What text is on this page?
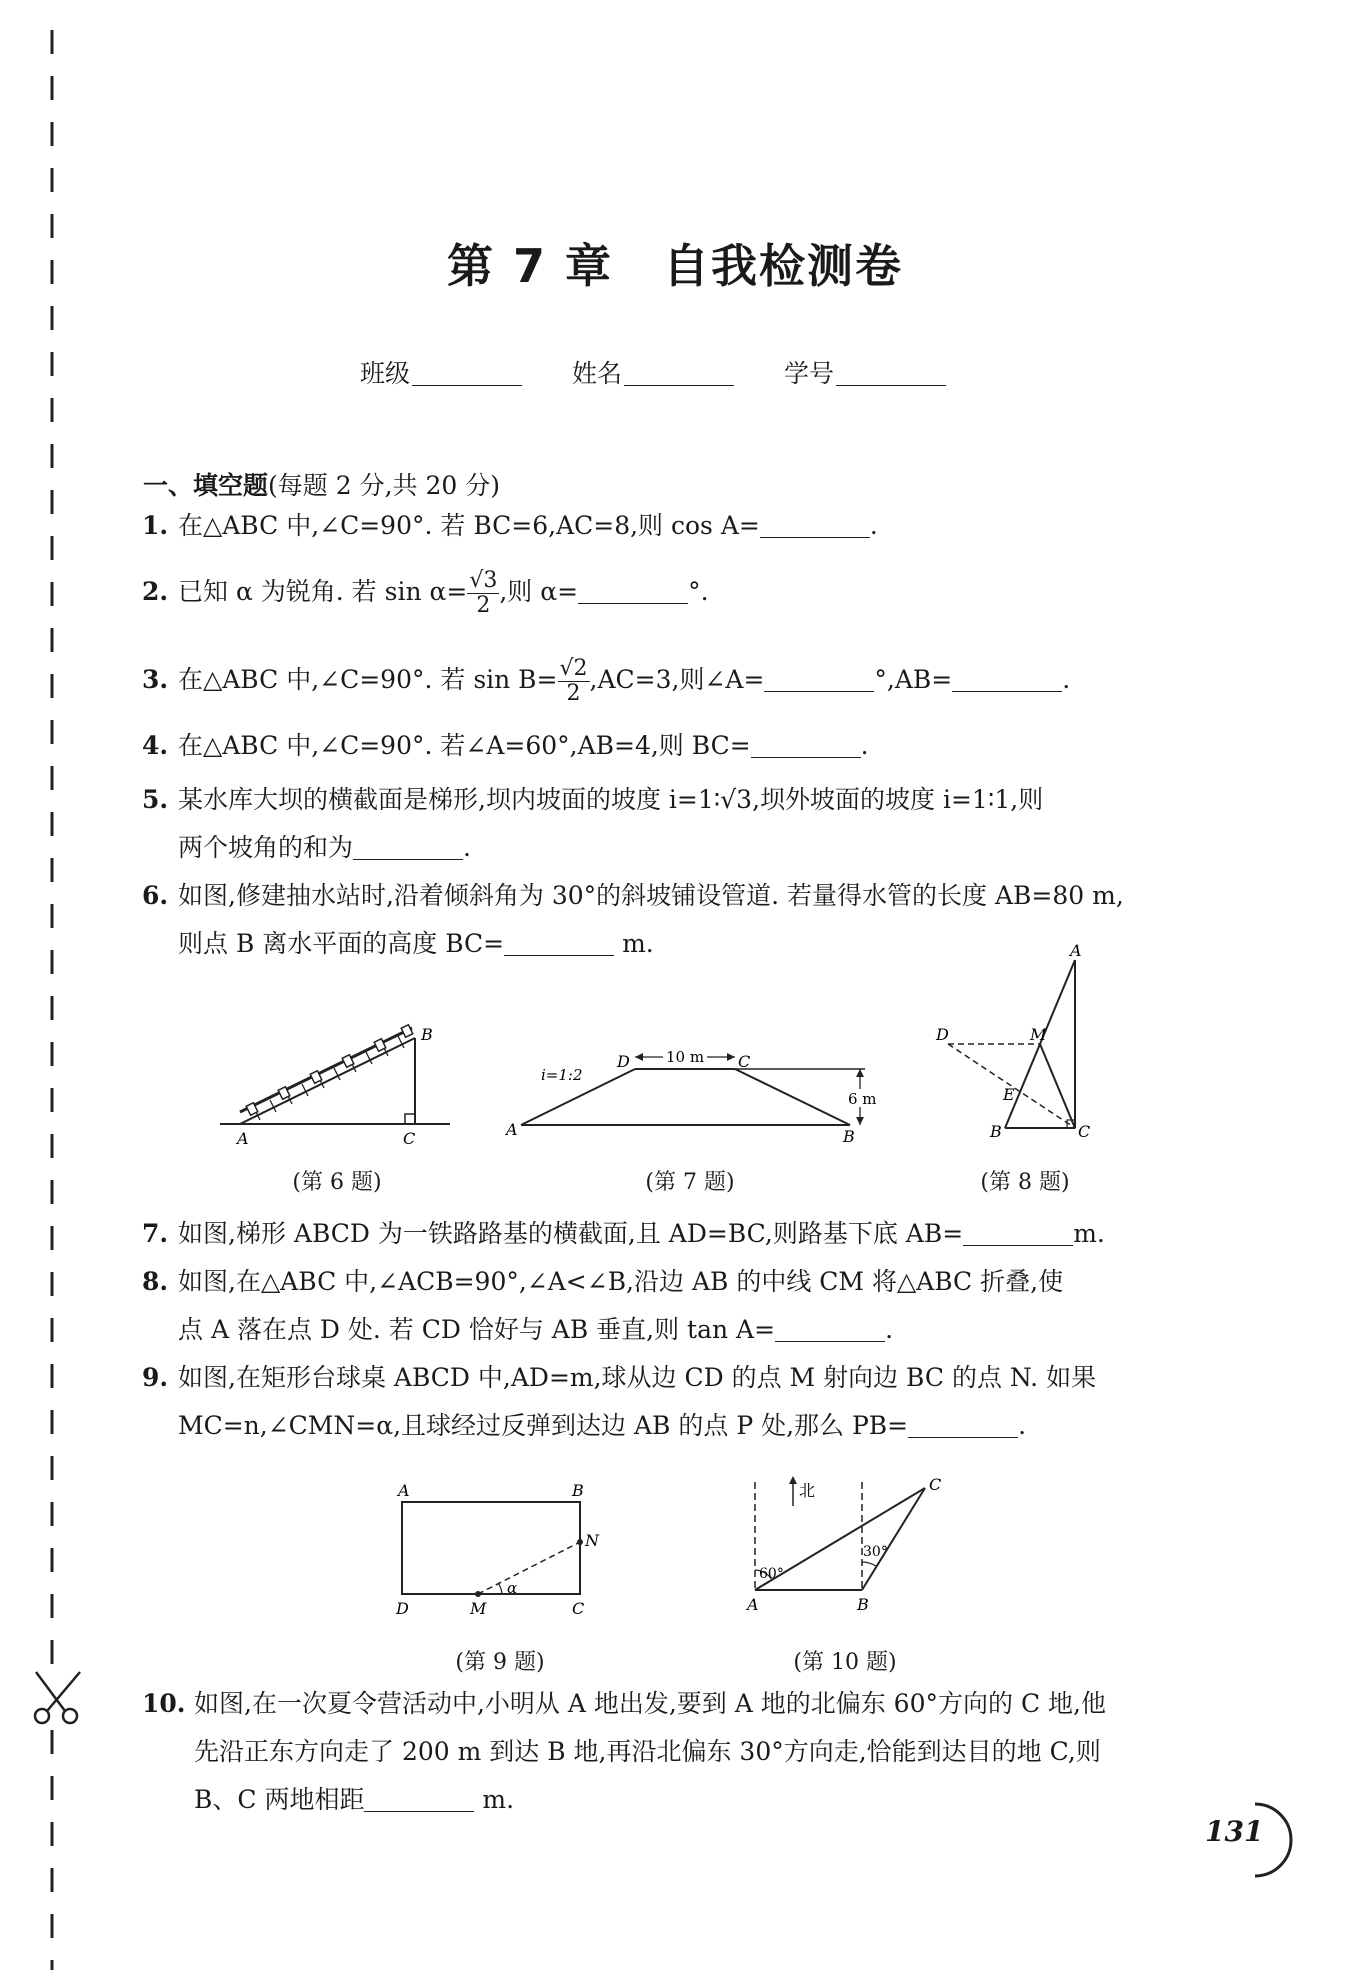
第 7 章 自我检测卷
班级	姓名	学号
一、填空题(每题 2 分,共 20 分)
1. 在△ABC 中,∠C=90°. 若 BC=6,AC=8,则 cos A=	.
2. 已知 α 为锐角. 若 $\sin \alpha= \frac{√3}{2}$ ,则 α=	°.
3. 在△ABC 中,∠C=90°. 若 $\sin B= \frac{√2}{2} ,AC=3$,则∠A=	°,AB=	.
4. 在△ABC 中,∠C=90°. 若∠A=60°,AB=4,则 BC=	.
5. 某水库大坝的横截面是梯形,坝内坡面的坡度 i=1∶√3,坝外坡面的坡度 i=1∶1,则
两个坡角的和为	.
6. 如图,修建抽水站时,沿着倾斜角为 30°的斜坡铺设管道. 若量得水管的长度 AB=80 m,
则点 B 离水平面的高度 BC=	m.
A	C
B
(第 6 题)
10 m
6 m
i=1:2
A
D	C
B
(第 7 题)
A
D	M
E
B	C
(第 8 题)
7. 如图,梯形 ABCD 为一铁路路基的横截面,且 AD=BC,则路基下底 AB=	m.
8. 如图,在△ABC 中,∠ACB=90°,∠A<∠B,沿边 AB 的中线 CM 将△ABC 折叠,使
点 A 落在点 D 处. 若 CD 恰好与 AB 垂直,则 tan A=	.
9. 如图,在矩形台球桌 ABCD 中,AD=m,球从边 CD 的点 M 射向边 BC 的点 N. 如果
MC=n,∠CMN=α,且球经过反弹到达边 AB 的点 P 处,那么 PB=	.
A	B
D	M	C
N
α
(第 9 题)
北
60°
30°
A	B
C
(第 10 题)
10. 如图,在一次夏令营活动中,小明从 A 地出发,要到 A 地的北偏东 60°方向的 C 地,他
先沿正东方向走了 200 m 到达 B 地,再沿北偏东 30°方向走,恰能到达目的地 C,则
B、C 两地相距	m.
131
